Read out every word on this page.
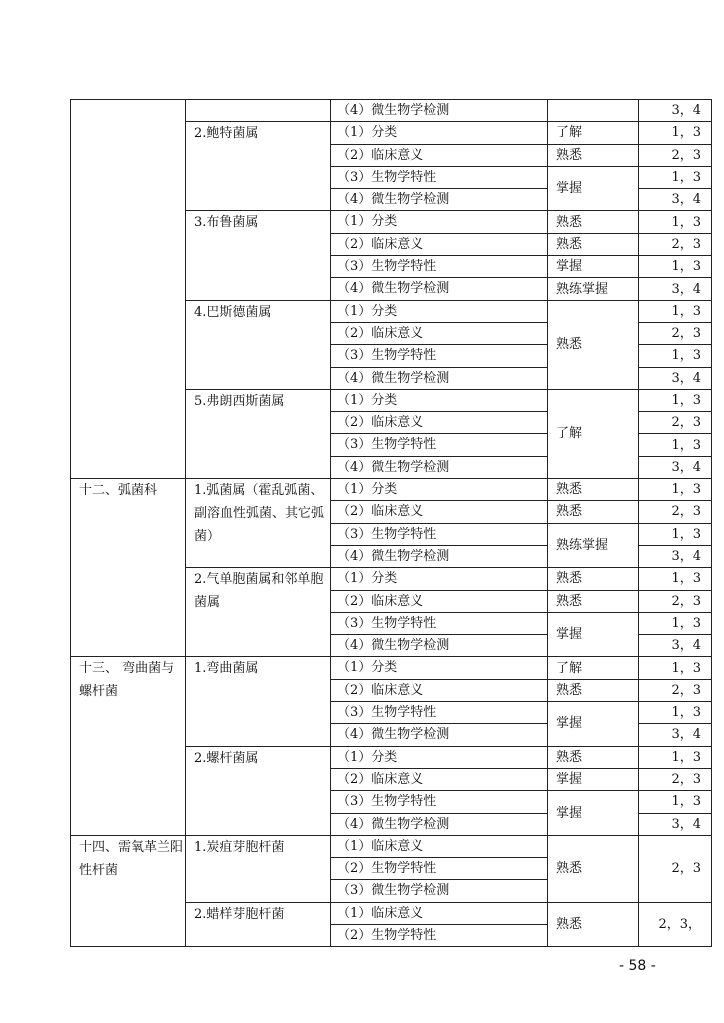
		（4）微生物学检测		3，4
	2.鲍特菌属	（1）分类	了解	1，3
		（2）临床意义	熟悉	2，3
		（3）生物学特性	掌握	1，3
		（4）微生物学检测		3，4
	3.布鲁菌属	（1）分类	熟悉	1，3
		（2）临床意义	熟悉	2，3
		（3）生物学特性	掌握	1，3
		（4）微生物学检测	熟练掌握	3，4
	4.巴斯德菌属	（1）分类	熟悉	1，3
		（2）临床意义		2，3
		（3）生物学特性		1，3
		（4）微生物学检测		3，4
	5.弗朗西斯菌属	（1）分类	了解	1，3
		（2）临床意义		2，3
		（3）生物学特性		1，3
		（4）微生物学检测		3，4
十二、弧菌科	1.弧菌属（霍乱弧菌、副溶血性弧菌、其它弧菌）	（1）分类	熟悉	1，3
		（2）临床意义	熟悉	2，3
		（3）生物学特性	熟练掌握	1，3
		（4）微生物学检测		3，4
	2.气单胞菌属和邻单胞菌属	（1）分类	熟悉	1，3
		（2）临床意义	熟悉	2，3
		（3）生物学特性	掌握	1，3
		（4）微生物学检测		3，4
十三、 弯曲菌与螺杆菌	1.弯曲菌属	（1）分类	了解	1，3
		（2）临床意义	熟悉	2，3
		（3）生物学特性	掌握	1，3
		（4）微生物学检测		3，4
	2.螺杆菌属	（1）分类	熟悉	1，3
		（2）临床意义	掌握	2，3
		（3）生物学特性	掌握	1，3
		（4）微生物学检测		3，4
十四、需氧革兰阳性杆菌	1.炭疽芽胞杆菌	（1）临床意义	熟悉	2，3
		（2）生物学特性		
		（3）微生物学检测		
	2.蜡样芽胞杆菌	（1）临床意义	熟悉	2，3，
		（2）生物学特性		
- 58 -
